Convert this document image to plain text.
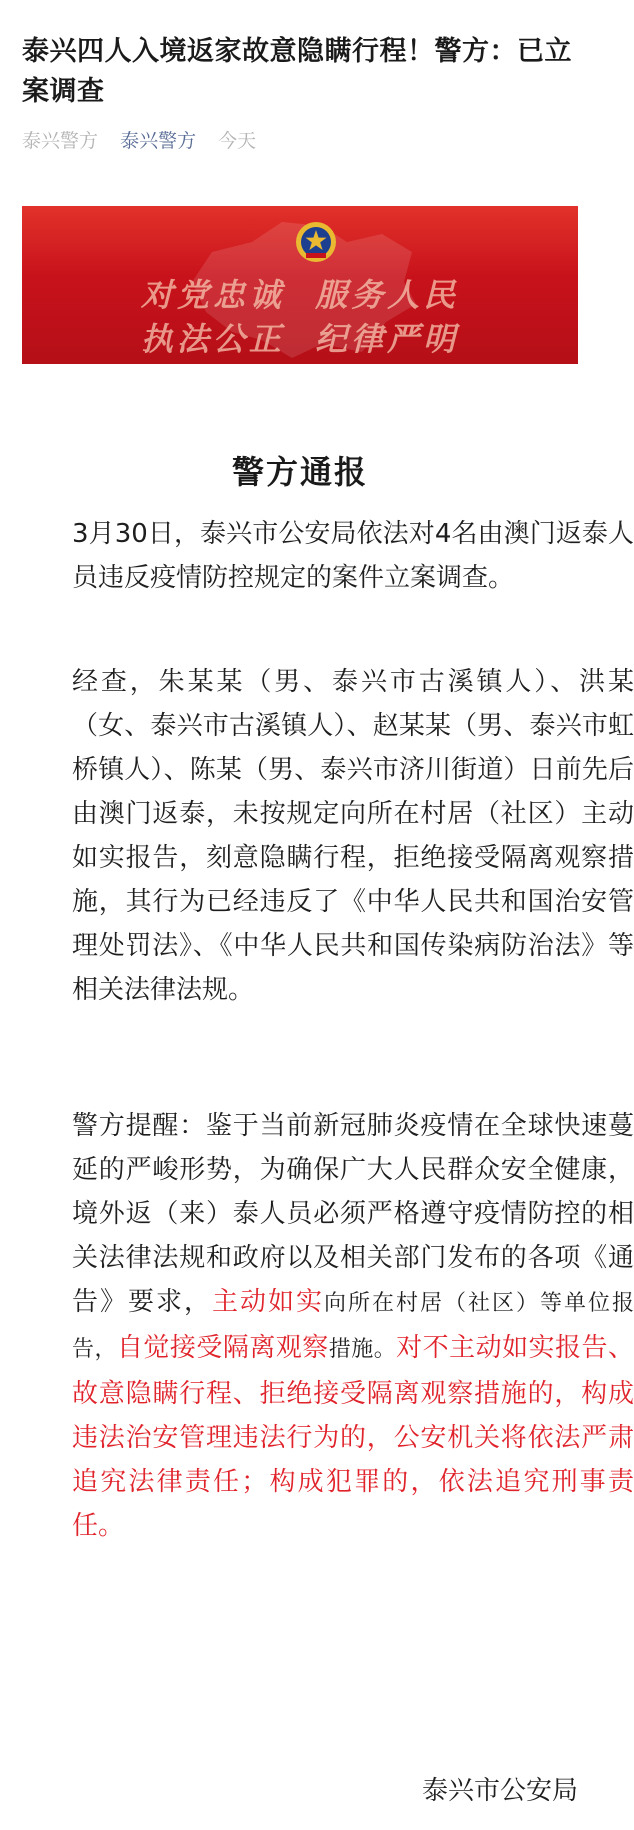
泰兴四人入境返家故意隐瞒行程！警方：已立案调查
泰兴警方 泰兴警方 今天
对党忠诚  服务人民
执法公正  纪律严明
警方通报

3月30日，泰兴市公安局依法对4名由澳门返泰人员违反疫情防控规定的案件立案调查。

经查，朱某某（男、泰兴市古溪镇人）、洪某（女、泰兴市古溪镇人）、赵某某（男、泰兴市虹桥镇人）、陈某（男、泰兴市济川街道）日前先后由澳门返泰，未按规定向所在村居（社区）主动如实报告，刻意隐瞒行程，拒绝接受隔离观察措施，其行为已经违反了《中华人民共和国治安管理处罚法》、《中华人民共和国传染病防治法》等相关法律法规。

警方提醒：鉴于当前新冠肺炎疫情在全球快速蔓延的严峻形势，为确保广大人民群众安全健康，境外返（来）泰人员必须严格遵守疫情防控的相关法律法规和政府以及相关部门发布的各项《通告》要求，主动如实向所在村居（社区）等单位报告，自觉接受隔离观察措施。对不主动如实报告、故意隐瞒行程、拒绝接受隔离观察措施的，构成违法治安管理违法行为的，公安机关将依法严肃追究法律责任；构成犯罪的，依法追究刑事责任。

泰兴市公安局
